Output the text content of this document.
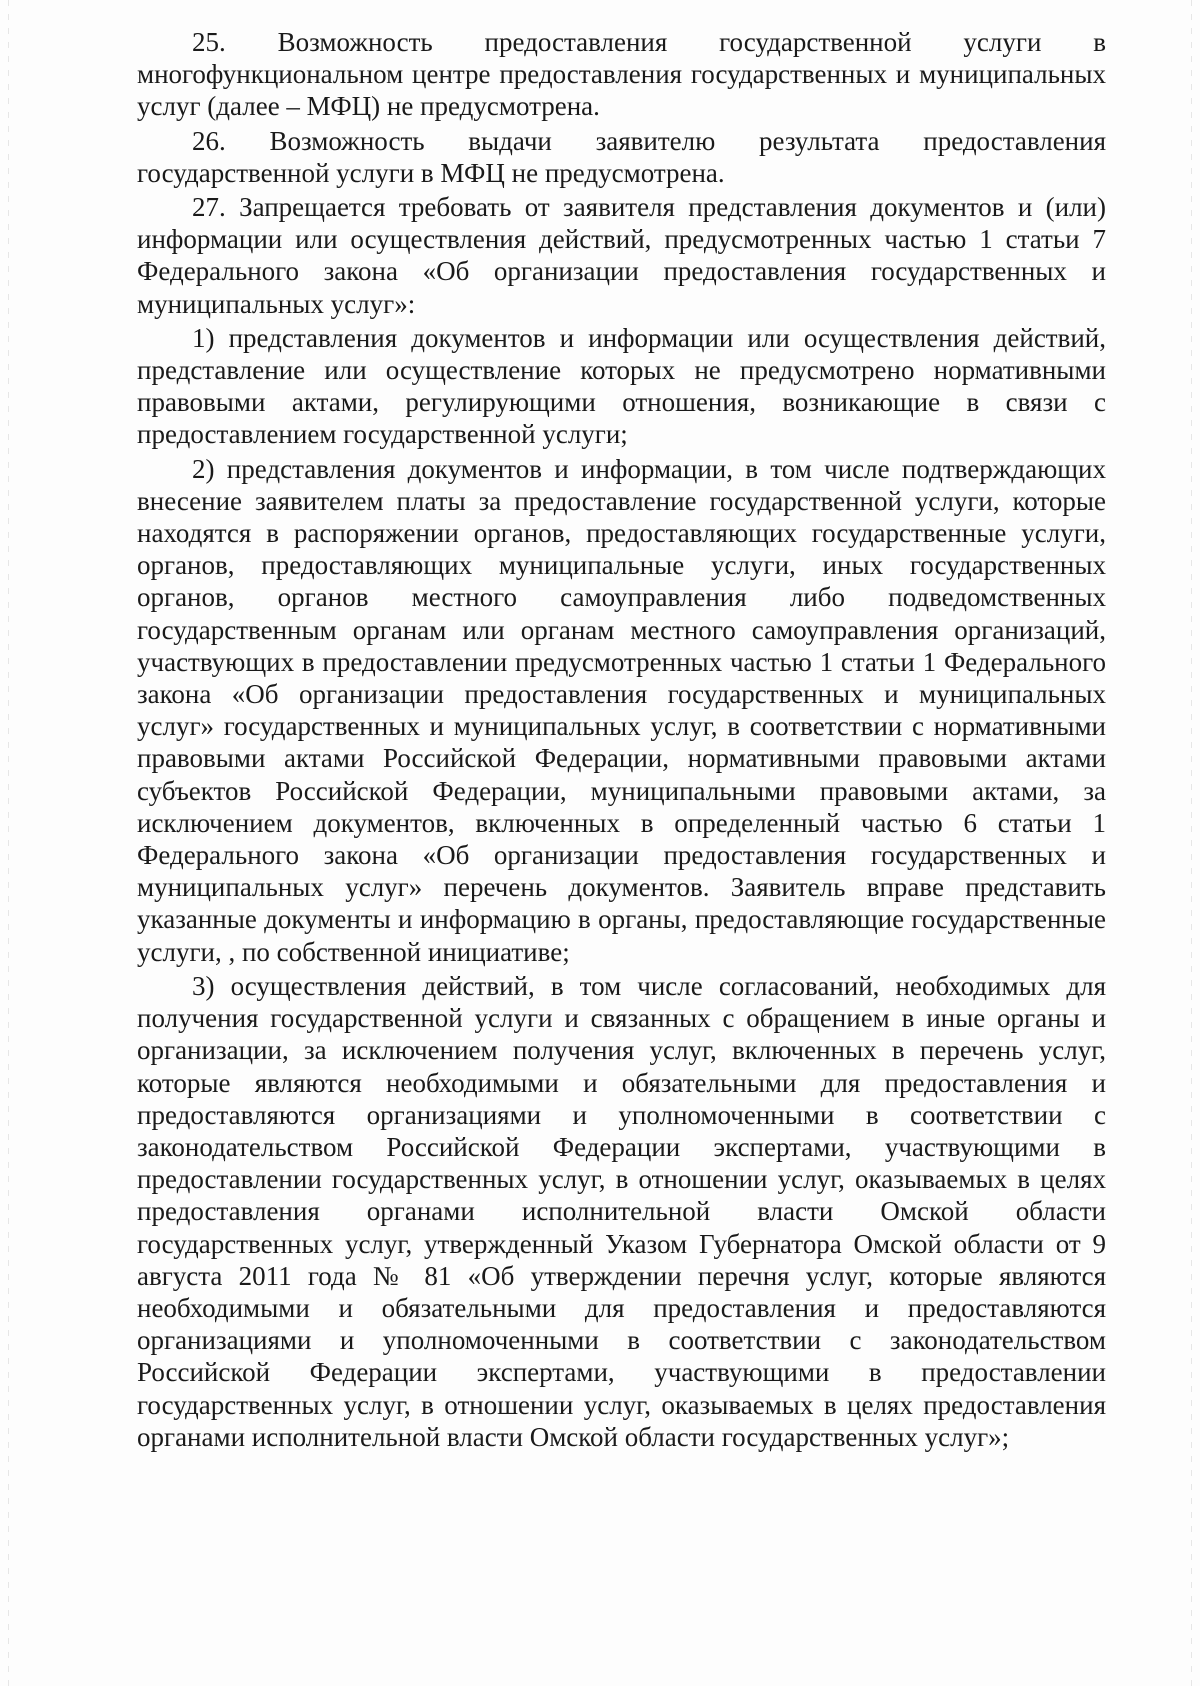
25. Возможность предоставления государственной услуги в многофункциональном центре предоставления государственных и муниципальных услуг (далее – МФЦ) не предусмотрена.

26. Возможность выдачи заявителю результата предоставления государственной услуги в МФЦ не предусмотрена.

27. Запрещается требовать от заявителя представления документов и (или) информации или осуществления действий, предусмотренных частью 1 статьи 7 Федерального закона «Об организации предоставления государственных и муниципальных услуг»:

1) представления документов и информации или осуществления действий, представление или осуществление которых не предусмотрено нормативными правовыми актами, регулирующими отношения, возникающие в связи с предоставлением государственной услуги;

2) представления документов и информации, в том числе подтверждающих внесение заявителем платы за предоставление государственной услуги, которые находятся в распоряжении органов, предоставляющих государственные услуги, органов, предоставляющих муниципальные услуги, иных государственных органов, органов местного самоуправления либо подведомственных государственным органам или органам местного самоуправления организаций, участвующих в предоставлении предусмотренных частью 1 статьи 1 Федерального закона «Об организации предоставления государственных и муниципальных услуг» государственных и муниципальных услуг, в соответствии с нормативными правовыми актами Российской Федерации, нормативными правовыми актами субъектов Российской Федерации, муниципальными правовыми актами, за исключением документов, включенных в определенный частью 6 статьи 1 Федерального закона «Об организации предоставления государственных и муниципальных услуг» перечень документов. Заявитель вправе представить указанные документы и информацию в органы, предоставляющие государственные услуги, , по собственной инициативе;

3) осуществления действий, в том числе согласований, необходимых для получения государственной услуги и связанных с обращением в иные органы и организации, за исключением получения услуг, включенных в перечень услуг, которые являются необходимыми и обязательными для предоставления и предоставляются организациями и уполномоченными в соответствии с законодательством Российской Федерации экспертами, участвующими в предоставлении государственных услуг, в отношении услуг, оказываемых в целях предоставления органами исполнительной власти Омской области государственных услуг, утвержденный Указом Губернатора Омской области от 9 августа 2011 года № 81 «Об утверждении перечня услуг, которые являются необходимыми и обязательными для предоставления и предоставляются организациями и уполномоченными в соответствии с законодательством Российской Федерации экспертами, участвующими в предоставлении государственных услуг, в отношении услуг, оказываемых в целях предоставления органами исполнительной власти Омской области государственных услуг»;
